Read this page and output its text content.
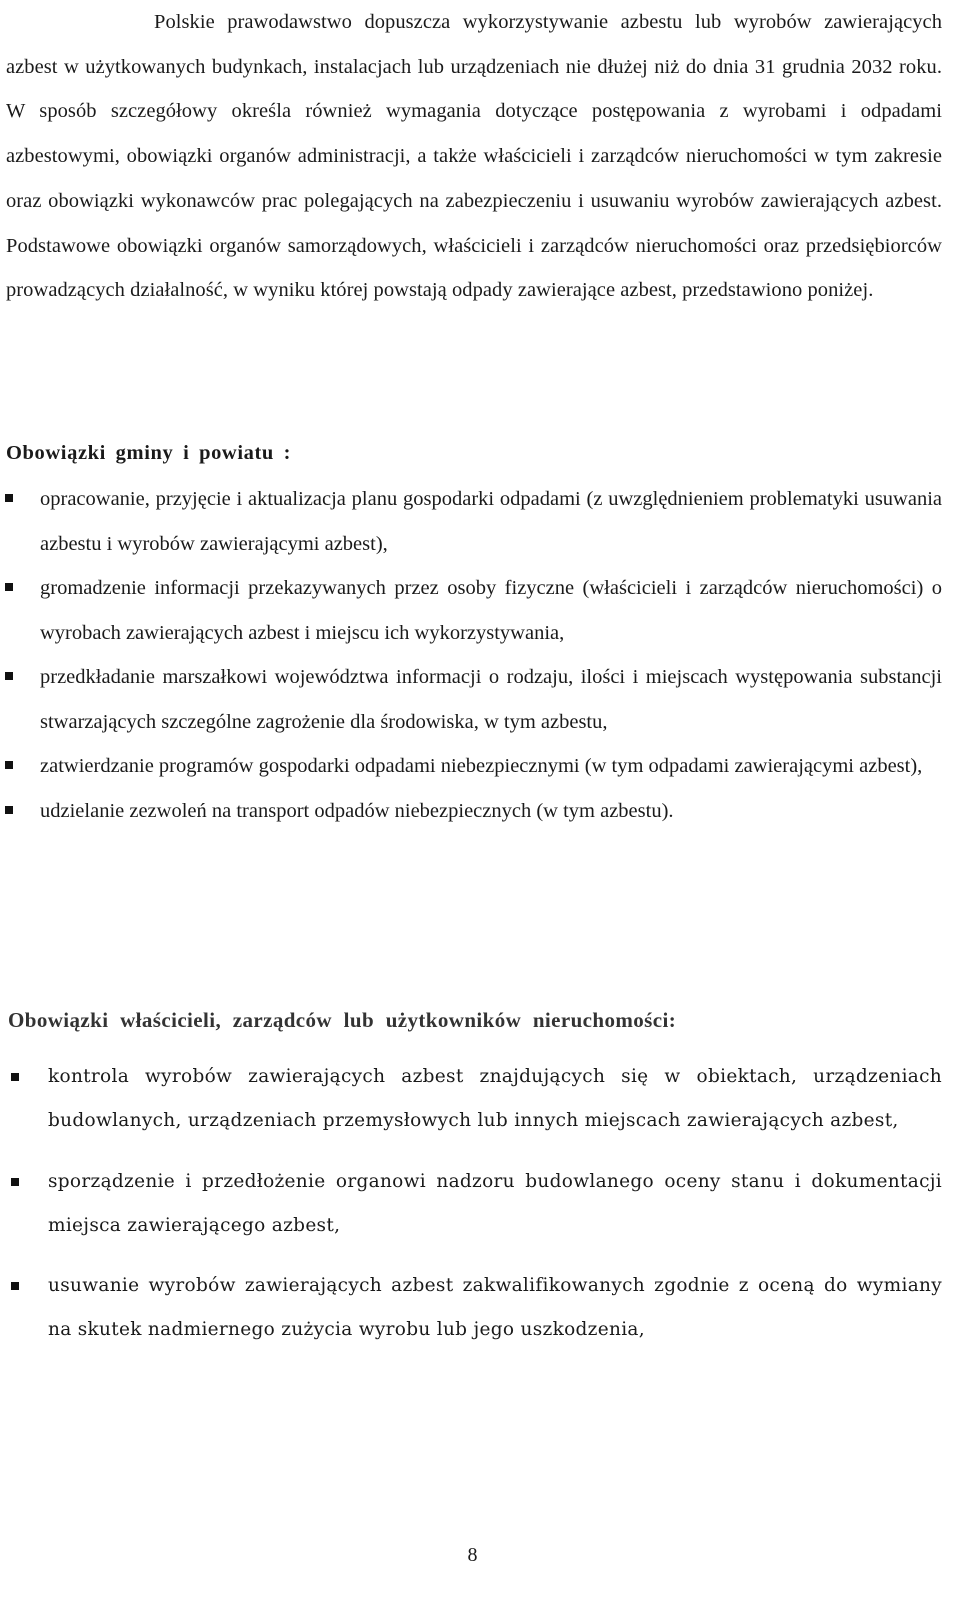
Polskie prawodawstwo dopuszcza wykorzystywanie azbestu lub wyrobów zawierających azbest w użytkowanych budynkach, instalacjach lub urządzeniach nie dłużej niż do dnia 31 grudnia 2032 roku. W sposób szczegółowy określa również wymagania dotyczące postępowania z wyrobami i odpadami azbestowymi, obowiązki organów administracji, a także właścicieli i zarządców nieruchomości w tym zakresie oraz obowiązki wykonawców prac polegających na zabezpieczeniu i usuwaniu wyrobów zawierających azbest. Podstawowe obowiązki organów samorządowych, właścicieli i zarządców nieruchomości oraz przedsiębiorców prowadzących działalność, w wyniku której powstają odpady zawierające azbest, przedstawiono poniżej.

Obowiązki gminy i powiatu :
opracowanie, przyjęcie i aktualizacja planu gospodarki odpadami (z uwzględnieniem problematyki usuwania azbestu i wyrobów zawierającymi azbest),
gromadzenie informacji przekazywanych przez osoby fizyczne (właścicieli i zarządców nieruchomości) o wyrobach zawierających azbest i miejscu ich wykorzystywania,
przedkładanie marszałkowi województwa informacji o rodzaju, ilości i miejscach występowania substancji stwarzających szczególne zagrożenie dla środowiska, w tym azbestu,
zatwierdzanie programów gospodarki odpadami niebezpiecznymi (w tym odpadami zawierającymi azbest),
udzielanie zezwoleń na transport odpadów niebezpiecznych (w tym azbestu).
Obowiązki właścicieli, zarządców lub użytkowników nieruchomości:
kontrola wyrobów zawierających azbest znajdujących się w obiektach, urządzeniach budowlanych, urządzeniach przemysłowych lub innych miejscach zawierających azbest,
sporządzenie i przedłożenie organowi nadzoru budowlanego oceny stanu i dokumentacji miejsca zawierającego azbest,
usuwanie wyrobów zawierających azbest zakwalifikowanych zgodnie z oceną do wymiany na skutek nadmiernego zużycia wyrobu lub jego uszkodzenia,
8
